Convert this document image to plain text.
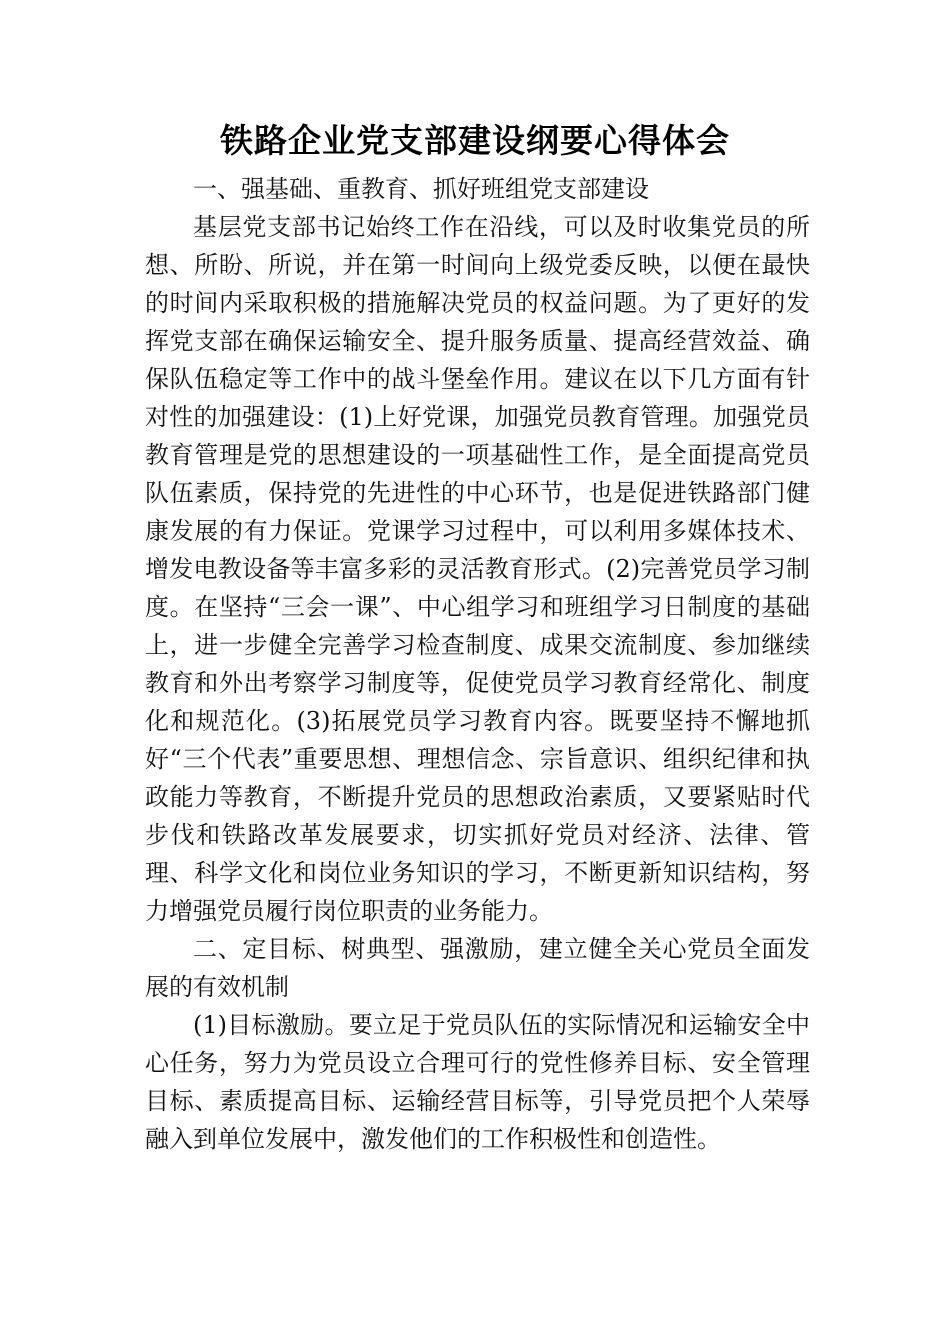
铁路企业党支部建设纲要心得体会

一、强基础、重教育、抓好班组党支部建设

基层党支部书记始终工作在沿线，可以及时收集党员的所想、所盼、所说，并在第一时间向上级党委反映，以便在最快的时间内采取积极的措施解决党员的权益问题。为了更好的发挥党支部在确保运输安全、提升服务质量、提高经营效益、确保队伍稳定等工作中的战斗堡垒作用。建议在以下几方面有针对性的加强建设：(1)上好党课，加强党员教育管理。加强党员教育管理是党的思想建设的一项基础性工作，是全面提高党员队伍素质，保持党的先进性的中心环节，也是促进铁路部门健康发展的有力保证。党课学习过程中，可以利用多媒体技术、增发电教设备等丰富多彩的灵活教育形式。(2)完善党员学习制度。在坚持“三会一课”、中心组学习和班组学习日制度的基础上，进一步健全完善学习检查制度、成果交流制度、参加继续教育和外出考察学习制度等，促使党员学习教育经常化、制度化和规范化。(3)拓展党员学习教育内容。既要坚持不懈地抓好“三个代表”重要思想、理想信念、宗旨意识、组织纪律和执政能力等教育，不断提升党员的思想政治素质，又要紧贴时代步伐和铁路改革发展要求，切实抓好党员对经济、法律、管理、科学文化和岗位业务知识的学习，不断更新知识结构，努力增强党员履行岗位职责的业务能力。

二、定目标、树典型、强激励，建立健全关心党员全面发展的有效机制

(1)目标激励。要立足于党员队伍的实际情况和运输安全中心任务，努力为党员设立合理可行的党性修养目标、安全管理目标、素质提高目标、运输经营目标等，引导党员把个人荣辱融入到单位发展中，激发他们的工作积极性和创造性。
